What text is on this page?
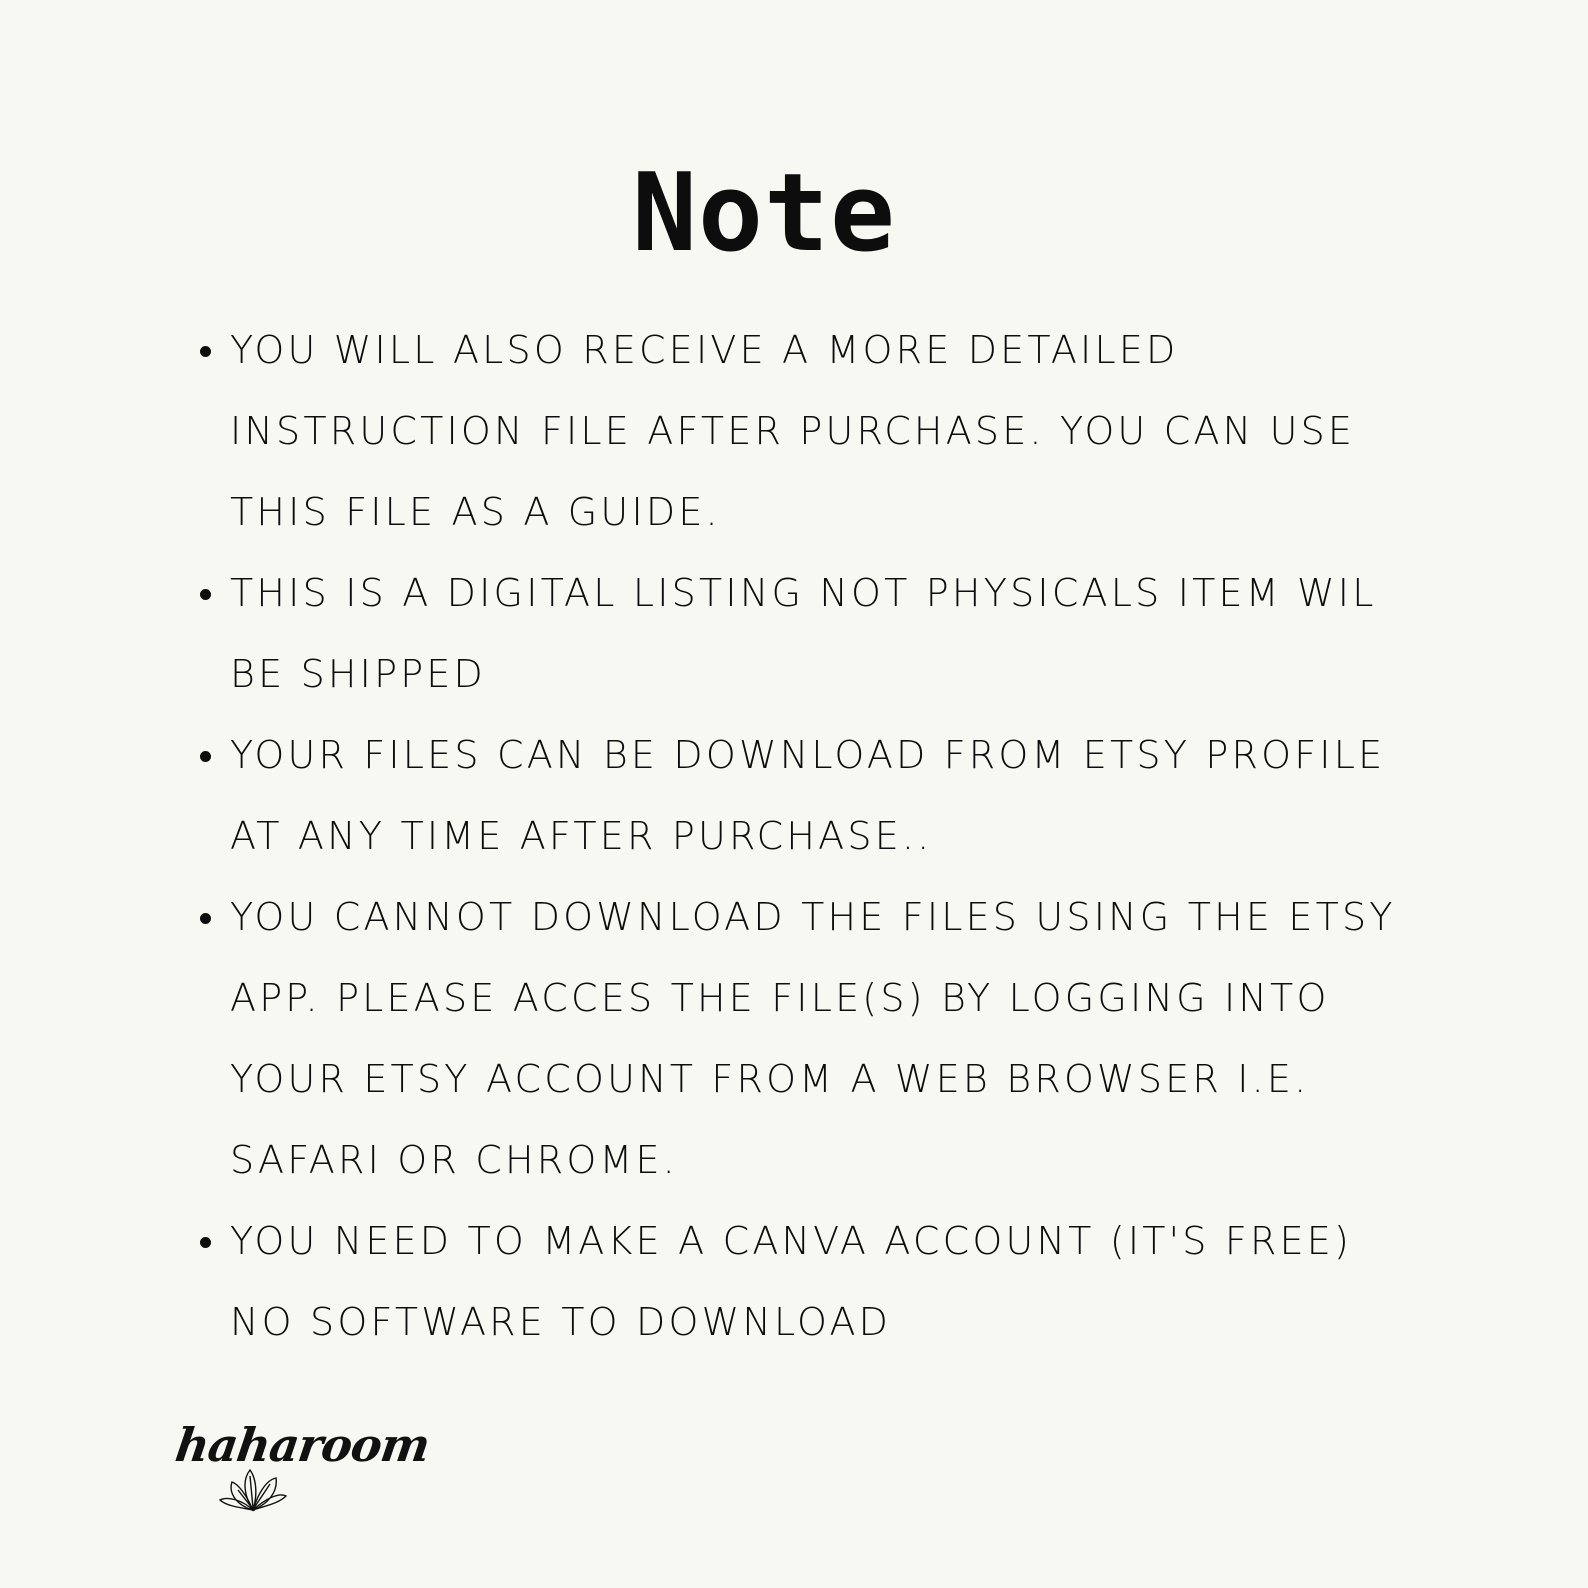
Note
YOU WILL ALSO RECEIVE A MORE DETAILED INSTRUCTION FILE AFTER PURCHASE. YOU CAN USE THIS FILE AS A GUIDE.
THIS IS A DIGITAL LISTING NOT PHYSICALS ITEM WIL BE SHIPPED
YOUR FILES CAN BE DOWNLOAD FROM ETSY PROFILE AT ANY TIME AFTER PURCHASE..
YOU CANNOT DOWNLOAD THE FILES USING THE ETSY APP. PLEASE ACCES THE FILE(S) BY LOGGING INTO YOUR ETSY ACCOUNT FROM A WEB BROWSER I.E. SAFARI OR CHROME.
YOU NEED TO MAKE A CANVA ACCOUNT (IT'S FREE) NO SOFTWARE TO DOWNLOAD
haharoom
